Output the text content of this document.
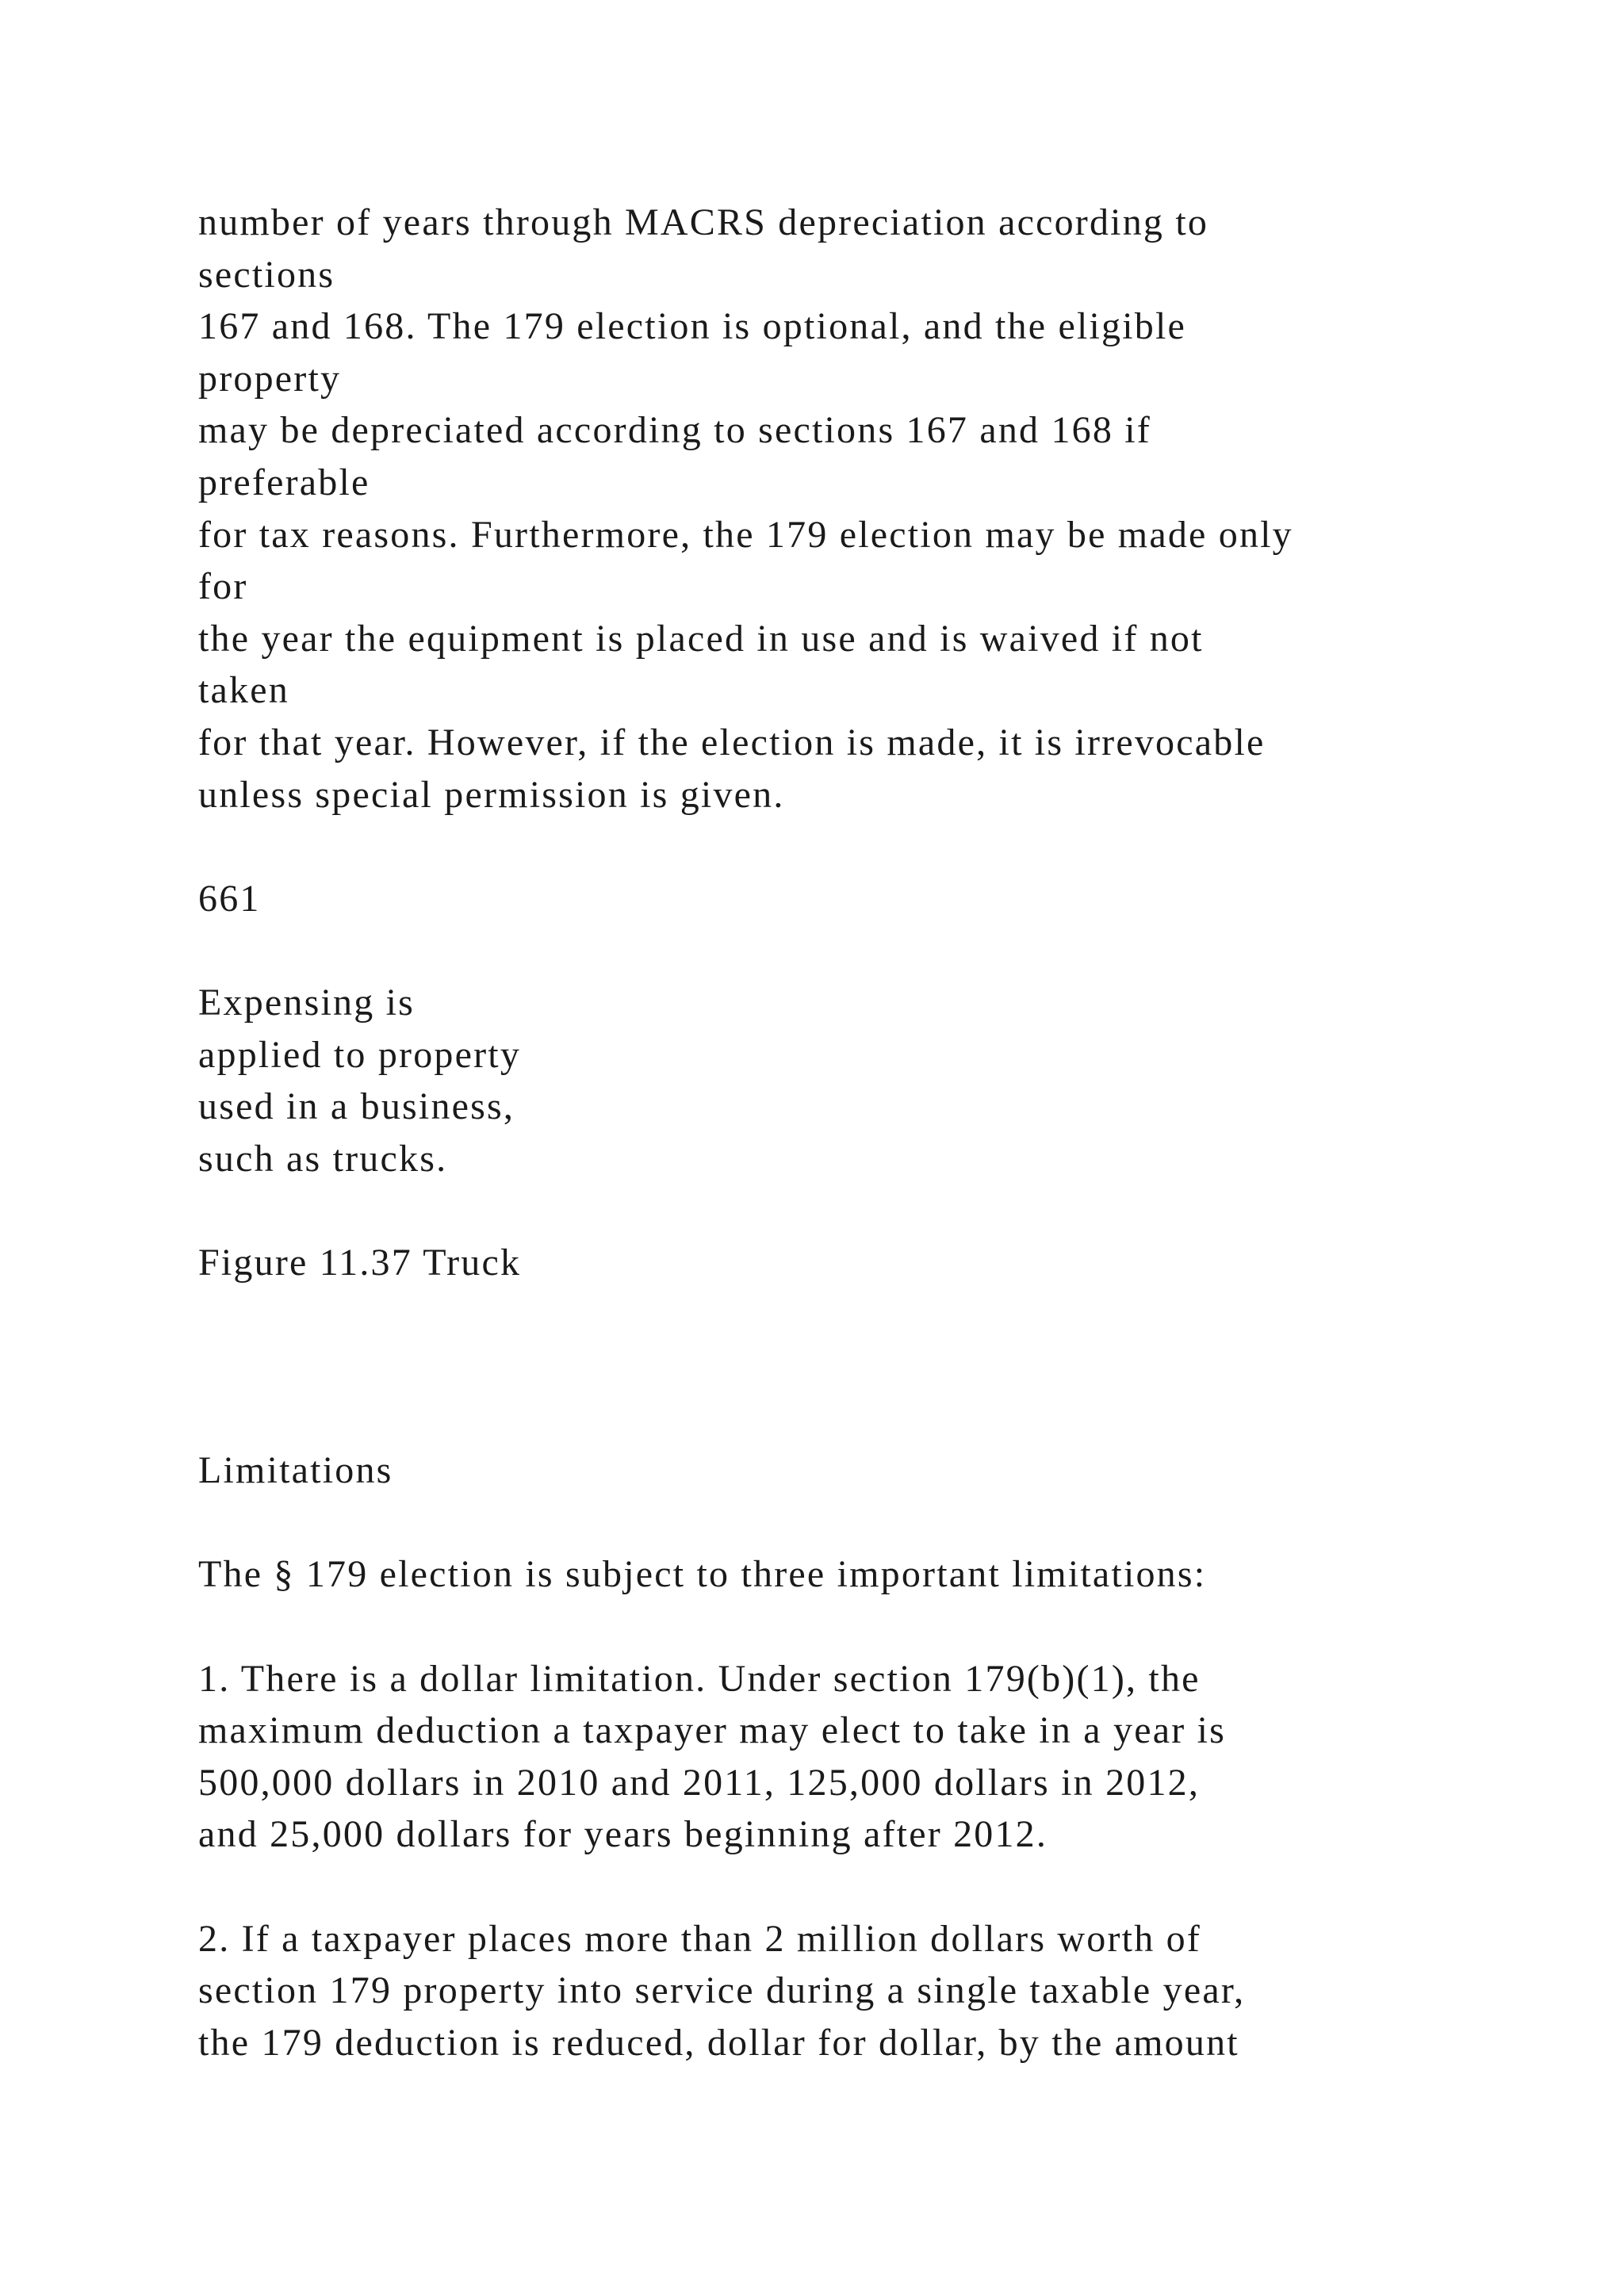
number of years through MACRS depreciation according to
sections
167 and 168. The 179 election is optional, and the eligible
property
may be depreciated according to sections 167 and 168 if
preferable
for tax reasons. Furthermore, the 179 election may be made only
for
the year the equipment is placed in use and is waived if not
taken
for that year. However, if the election is made, it is irrevocable
unless special permission is given.
661
Expensing is
applied to property
used in a business,
such as trucks.
Figure 11.37 Truck
Limitations
The § 179 election is subject to three important limitations:
1. There is a dollar limitation. Under section 179(b)(1), the
maximum deduction a taxpayer may elect to take in a year is
500,000 dollars in 2010 and 2011, 125,000 dollars in 2012,
and 25,000 dollars for years beginning after 2012.
2. If a taxpayer places more than 2 million dollars worth of
section 179 property into service during a single taxable year,
the 179 deduction is reduced, dollar for dollar, by the amount
